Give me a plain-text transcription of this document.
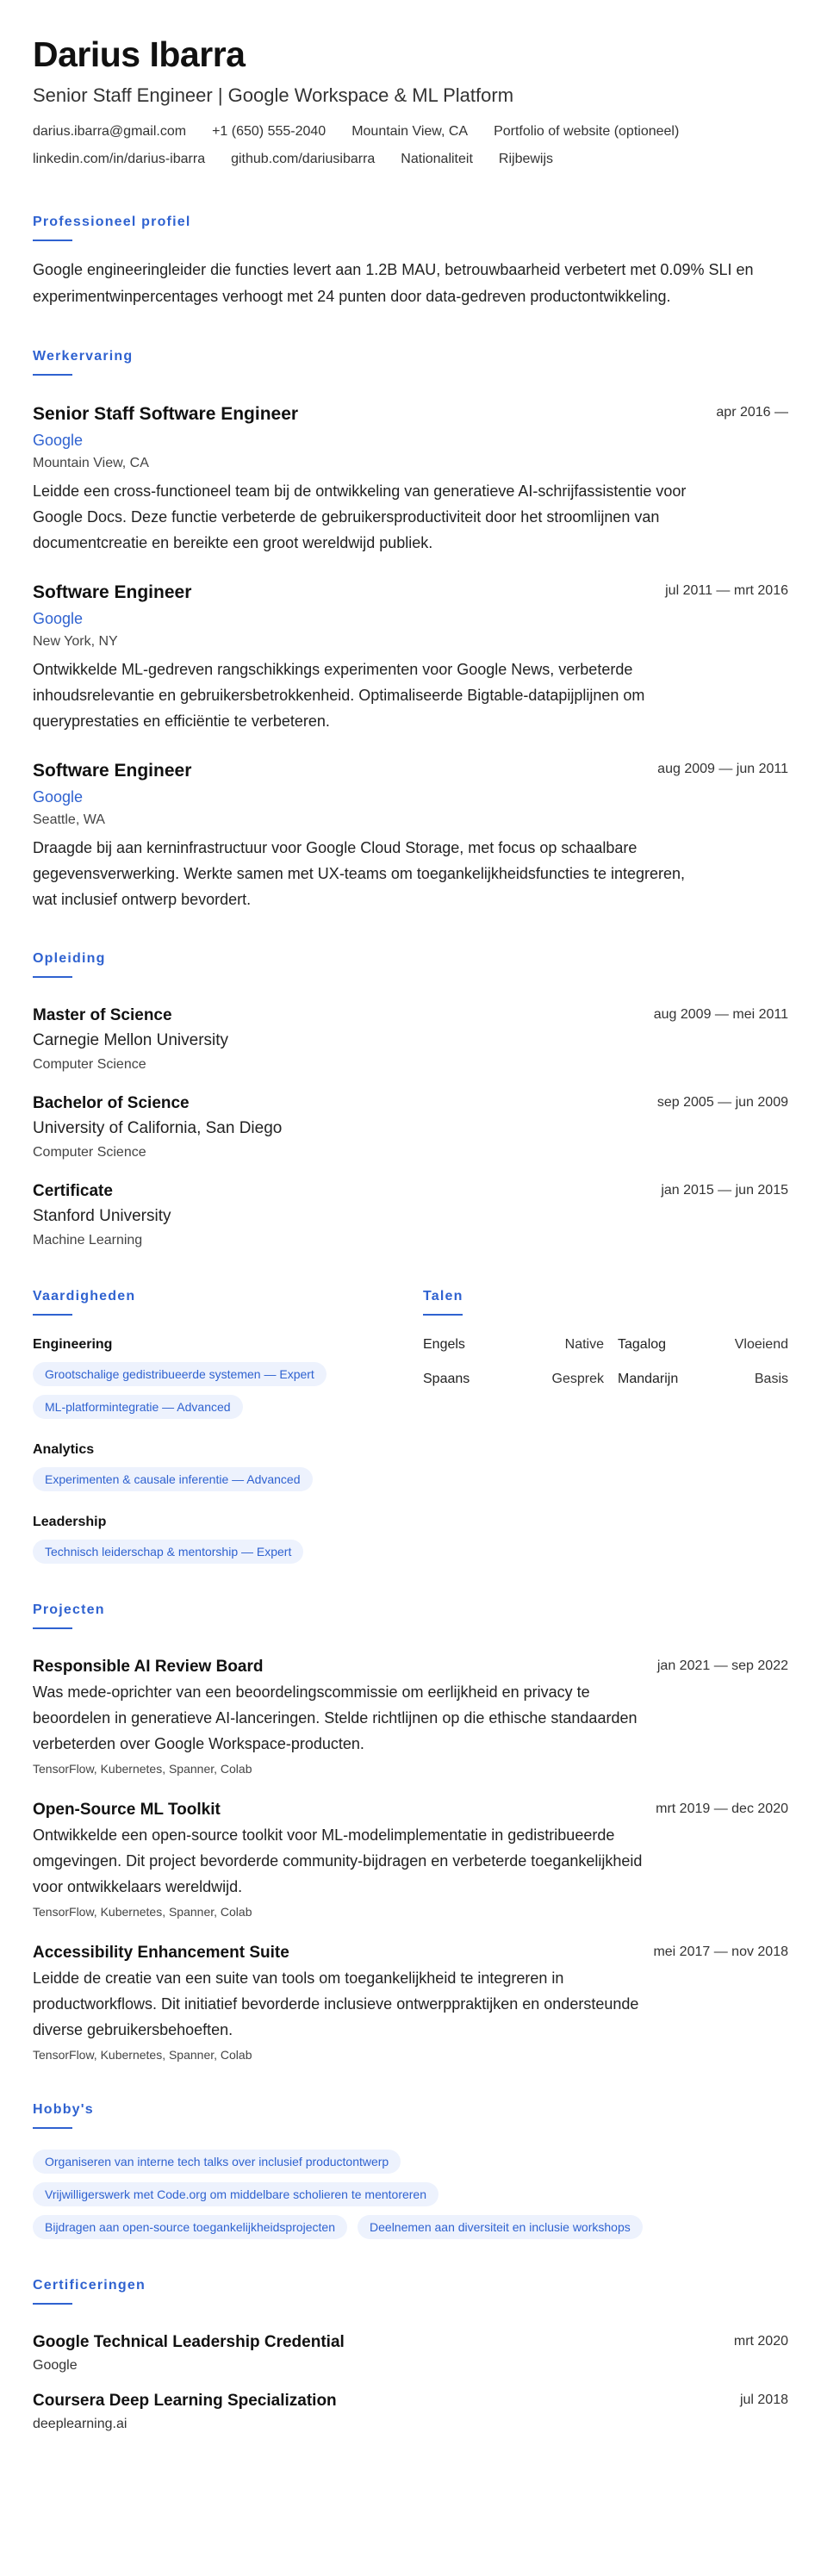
Darius Ibarra
Senior Staff Engineer | Google Workspace & ML Platform
darius.ibarra@gmail.com +1 (650) 555-2040 Mountain View, CA Portfolio of website (optioneel)
linkedin.com/in/darius-ibarra github.com/dariusibarra Nationaliteit Rijbewijs
Professioneel profiel
Google engineeringleider die functies levert aan 1.2B MAU, betrouwbaarheid verbetert met 0.09% SLI en experimentwinpercentages verhoogt met 24 punten door data-gedreven productontwikkeling.
Werkervaring
Senior Staff Software Engineer	apr 2016 —
Google
Mountain View, CA
Leidde een cross-functioneel team bij de ontwikkeling van generatieve AI-schrijfassistentie voor Google Docs. Deze functie verbeterde de gebruikersproductiviteit door het stroomlijnen van documentcreatie en bereikte een groot wereldwijd publiek.
Software Engineer	jul 2011 — mrt 2016
Google
New York, NY
Ontwikkelde ML-gedreven rangschikkings experimenten voor Google News, verbeterde inhoudsrelevantie en gebruikersbetrokkenheid. Optimaliseerde Bigtable-datapijplijnen om queryprestaties en efficiëntie te verbeteren.
Software Engineer	aug 2009 — jun 2011
Google
Seattle, WA
Draagde bij aan kerninfrastructuur voor Google Cloud Storage, met focus op schaalbare gegevensverwerking. Werkte samen met UX-teams om toegankelijkheidsfuncties te integreren, wat inclusief ontwerp bevordert.
Opleiding
Master of Science	aug 2009 — mei 2011
Carnegie Mellon University
Computer Science
Bachelor of Science	sep 2005 — jun 2009
University of California, San Diego
Computer Science
Certificate	jan 2015 — jun 2015
Stanford University
Machine Learning
Vaardigheden
Engineering
Grootschalige gedistribueerde systemen — Expert
ML-platformintegratie — Advanced
Analytics
Experimenten & causale inferentie — Advanced
Leadership
Technisch leiderschap & mentorship — Expert
Talen
Engels	Native	Tagalog	Vloeiend
Spaans	Gesprek	Mandarijn	Basis
Projecten
Responsible AI Review Board	jan 2021 — sep 2022
Was mede-oprichter van een beoordelingscommissie om eerlijkheid en privacy te beoordelen in generatieve AI-lanceringen. Stelde richtlijnen op die ethische standaarden verbeterden over Google Workspace-producten.
TensorFlow, Kubernetes, Spanner, Colab
Open-Source ML Toolkit	mrt 2019 — dec 2020
Ontwikkelde een open-source toolkit voor ML-modelimplementatie in gedistribueerde omgevingen. Dit project bevorderde community-bijdragen en verbeterde toegankelijkheid voor ontwikkelaars wereldwijd.
TensorFlow, Kubernetes, Spanner, Colab
Accessibility Enhancement Suite	mei 2017 — nov 2018
Leidde de creatie van een suite van tools om toegankelijkheid te integreren in productworkflows. Dit initiatief bevorderde inclusieve ontwerppraktijken en ondersteunde diverse gebruikersbehoeften.
TensorFlow, Kubernetes, Spanner, Colab
Hobby's
Organiseren van interne tech talks over inclusief productontwerp
Vrijwilligerswerk met Code.org om middelbare scholieren te mentoreren
Bijdragen aan open-source toegankelijkheidsprojecten	Deelnemen aan diversiteit en inclusie workshops
Certificeringen
Google Technical Leadership Credential	mrt 2020
Google
Coursera Deep Learning Specialization	jul 2018
deeplearning.ai
